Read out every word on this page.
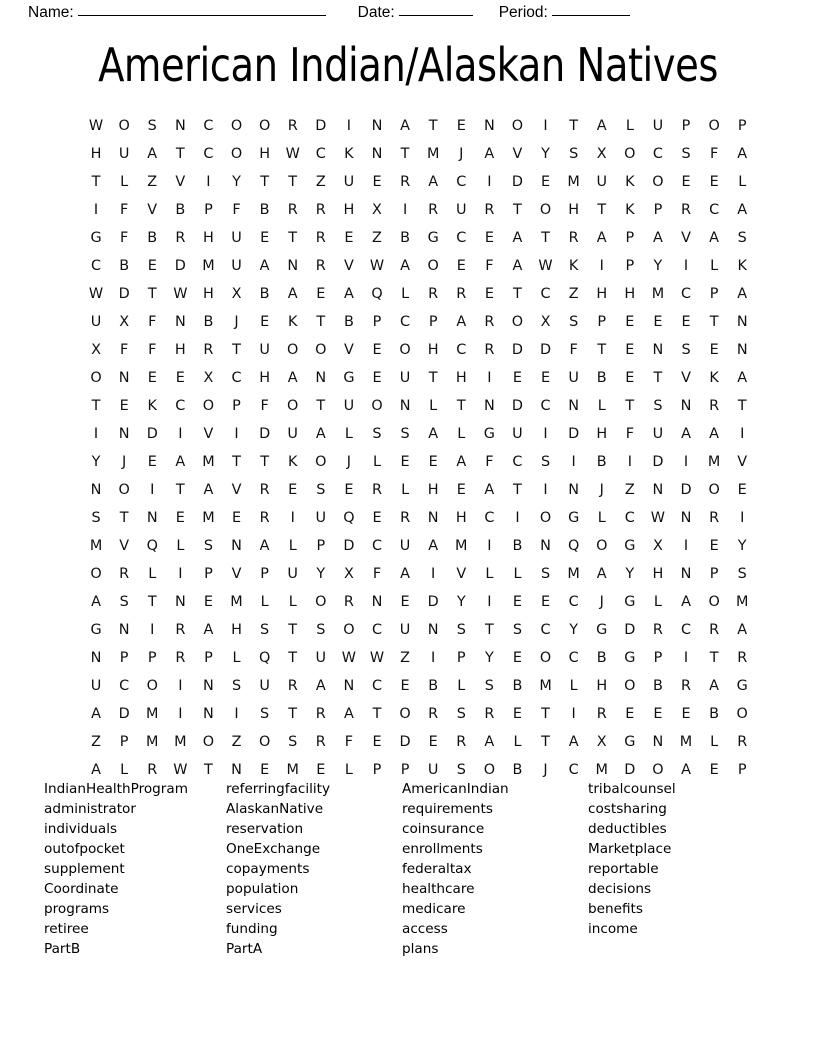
Name:	Date:	Period:
American Indian/Alaskan Natives
W	O	S	N	C	O	O	R	D	I	N	A	T	E	N	O	I	T	A	L	U	P	O	P
H	U	A	T	C	O	H	W	C	K	N	T	M	J	A	V	Y	S	X	O	C	S	F	A
T	L	Z	V	I	Y	T	T	Z	U	E	R	A	C	I	D	E	M	U	K	O	E	E	L
I	F	V	B	P	F	B	R	R	H	X	I	R	U	R	T	O	H	T	K	P	R	C	A
G	F	B	R	H	U	E	T	R	E	Z	B	G	C	E	A	T	R	A	P	A	V	A	S
C	B	E	D	M	U	A	N	R	V	W	A	O	E	F	A	W	K	I	P	Y	I	L	K
W	D	T	W	H	X	B	A	E	A	Q	L	R	R	E	T	C	Z	H	H	M	C	P	A
U	X	F	N	B	J	E	K	T	B	P	C	P	A	R	O	X	S	P	E	E	E	T	N
X	F	F	H	R	T	U	O	O	V	E	O	H	C	R	D	D	F	T	E	N	S	E	N
O	N	E	E	X	C	H	A	N	G	E	U	T	H	I	E	E	U	B	E	T	V	K	A
T	E	K	C	O	P	F	O	T	U	O	N	L	T	N	D	C	N	L	T	S	N	R	T
I	N	D	I	V	I	D	U	A	L	S	S	A	L	G	U	I	D	H	F	U	A	A	I
Y	J	E	A	M	T	T	K	O	J	L	E	E	A	F	C	S	I	B	I	D	I	M	V
N	O	I	T	A	V	R	E	S	E	R	L	H	E	A	T	I	N	J	Z	N	D	O	E
S	T	N	E	M	E	R	I	U	Q	E	R	N	H	C	I	O	G	L	C	W	N	R	I
M	V	Q	L	S	N	A	L	P	D	C	U	A	M	I	B	N	Q	O	G	X	I	E	Y
O	R	L	I	P	V	P	U	Y	X	F	A	I	V	L	L	S	M	A	Y	H	N	P	S
A	S	T	N	E	M	L	L	O	R	N	E	D	Y	I	E	E	C	J	G	L	A	O	M
G	N	I	R	A	H	S	T	S	O	C	U	N	S	T	S	C	Y	G	D	R	C	R	A
N	P	P	R	P	L	Q	T	U	W W	Z	I	P	Y	E	O	C	B	G	P	I	T	R
U	C	O	I	N	S	U	R	A	N	C	E	B	L	S	B	M	L	H	O	B	R	A	G
A	D	M	I	N	I	S	T	R	A	T	O	R	S	R	E	T	I	R	E	E	E	B	O
Z	P	M	M	O	Z	O	S	R	F	E	D	E	R	A	L	T	A	X	G	N	M	L	R
A	L	R	W	T	N	E	M	E	L	P	P	U	S	O	B	J	C	M	D	O	A	E	P
IndianHealthProgram
administrator
individuals
outofpocket
supplement
Coordinate
programs
retiree
PartB
referringfacility
AlaskanNative
reservation
OneExchange
copayments
population
services
funding
PartA
AmericanIndian
requirements
coinsurance
enrollments
federaltax
healthcare
medicare
access
plans
tribalcounsel
costsharing
deductibles
Marketplace
reportable
decisions
benefits
income
